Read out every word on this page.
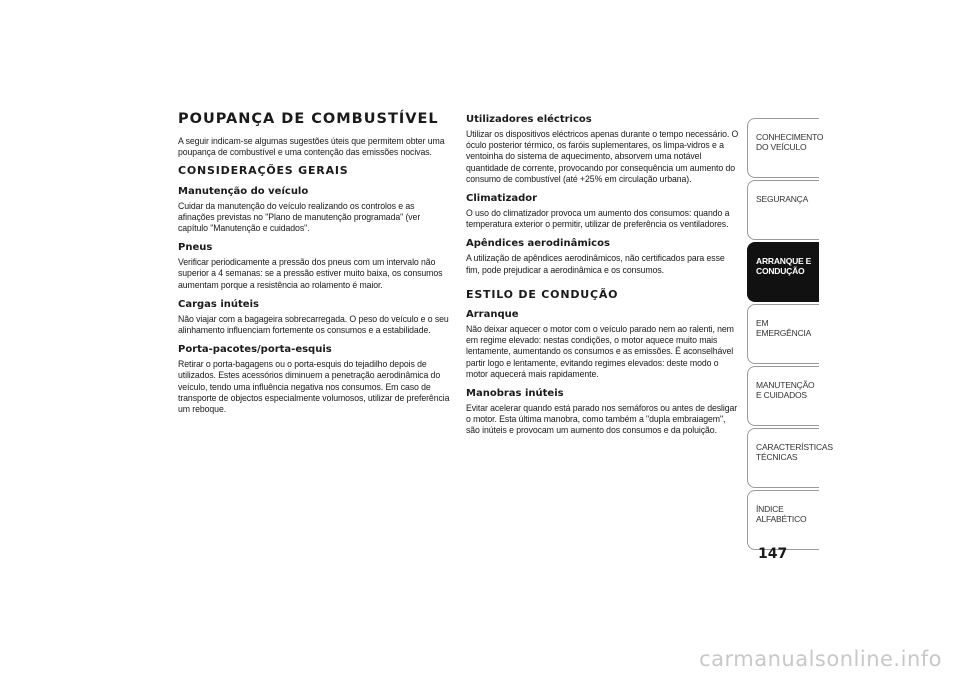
POUPANÇA DE COMBUSTÍVEL

A seguir indicam-se algumas sugestões úteis que permitem obter uma poupança de combustível e uma contenção das emissões nocivas.

CONSIDERAÇÕES GERAIS
Manutenção do veículo

Cuidar da manutenção do veículo realizando os controlos e as afinações previstas no "Plano de manutenção programada" (ver capítulo "Manutenção e cuidados".

Pneus

Verificar periodicamente a pressão dos pneus com um intervalo não superior a 4 semanas: se a pressão estiver muito baixa, os consumos aumentam porque a resistência ao rolamento é maior.

Cargas inúteis

Não viajar com a bagageira sobrecarregada. O peso do veículo e o seu alinhamento influenciam fortemente os consumos e a estabilidade.

Porta-pacotes/porta-esquis

Retirar o porta-bagagens ou o porta-esquis do tejadilho depois de utilizados. Estes acessórios diminuem a penetração aerodinâmica do veículo, tendo uma influência negativa nos consumos. Em caso de transporte de objectos especialmente volumosos, utilizar de preferência um reboque.

Utilizadores eléctricos

Utilizar os dispositivos eléctricos apenas durante o tempo necessário. O óculo posterior térmico, os faróis suplementares, os limpa-vidros e a ventoinha do sistema de aquecimento, absorvem uma notável quantidade de corrente, provocando por consequência um aumento do consumo de combustível (até +25% em circulação urbana).

Climatizador

O uso do climatizador provoca um aumento dos consumos: quando a temperatura exterior o permitir, utilizar de preferência os ventiladores.

Apêndices aerodinâmicos

A utilização de apêndices aerodinâmicos, não certificados para esse fim, pode prejudicar a aerodinâmica e os consumos.

ESTILO DE CONDUÇÃO
Arranque

Não deixar aquecer o motor com o veículo parado nem ao ralenti, nem em regime elevado: nestas condições, o motor aquece muito mais lentamente, aumentando os consumos e as emissões. É aconselhável partir logo e lentamente, evitando regimes elevados: deste modo o motor aquecerá mais rapidamente.

Manobras inúteis

Evitar acelerar quando está parado nos semáforos ou antes de desligar o motor. Esta última manobra, como também a "dupla embraiagem", são inúteis e provocam um aumento dos consumos e da poluição.

CONHECIMENTO DO VEÍCULO
SEGURANÇA
ARRANQUE E CONDUÇÃO
EM EMERGÊNCIA
MANUTENÇÃO E CUIDADOS
CARACTERÍSTICAS TÉCNICAS
ÍNDICE ALFABÉTICO
147
carmanualsonline.info
